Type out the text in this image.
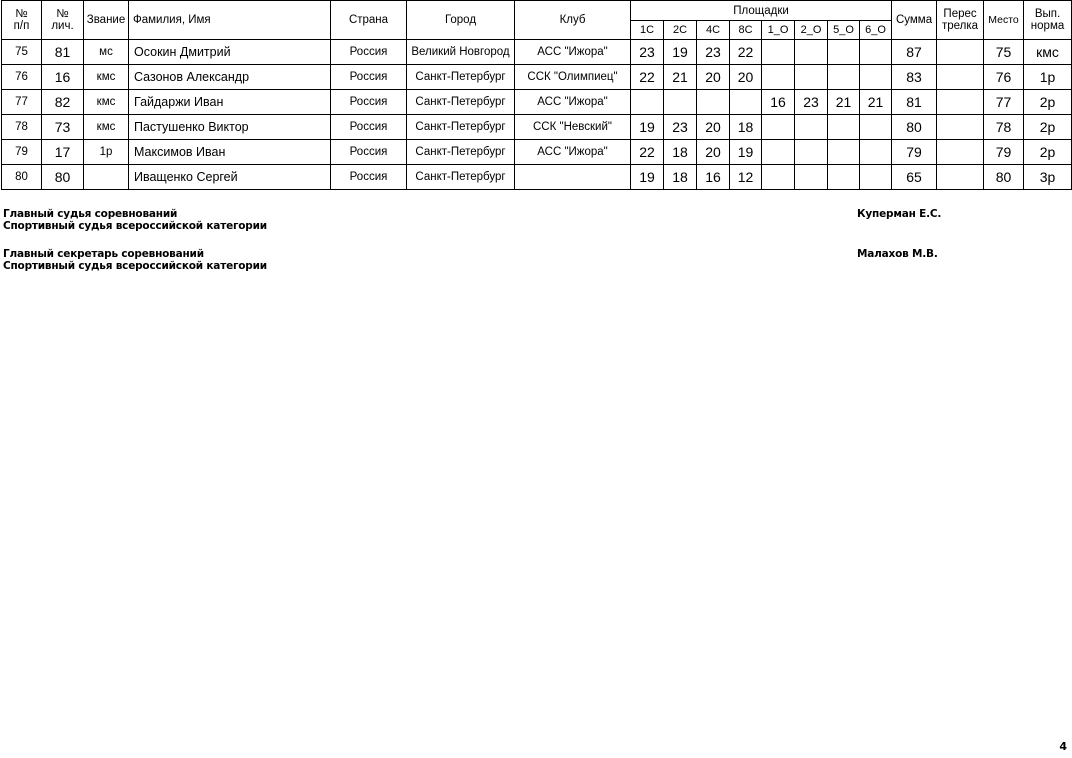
№
п/п	№
лич.	Звание	Фамилия, Имя	Страна	Город	Клуб	Площадки								Сумма	Перес
трелка	Место	Вып.
норма
							1С	2С	4С	8С	1_О	2_О	5_О	6_О				
75	81	мс	Осокин Дмитрий	Россия	Великий Новгород	АСС "Ижора"	23	19	23	22					87		75	кмс
76	16	кмс	Сазонов Александр	Россия	Санкт-Петербург	ССК "Олимпиец"	22	21	20	20					83		76	1р
77	82	кмс	Гайдаржи Иван	Россия	Санкт-Петербург	АСС "Ижора"					16	23	21	21	81		77	2р
78	73	кмс	Пастушенко Виктор	Россия	Санкт-Петербург	ССК "Невский"	19	23	20	18					80		78	2р
79	17	1р	Максимов Иван	Россия	Санкт-Петербург	АСС "Ижора"	22	18	20	19					79		79	2р
80	80		Иващенко Сергей	Россия	Санкт-Петербург		19	18	16	12					65		80	3р
Главный судья соревнований
Спортивный судья всероссийской категории
Куперман Е.С.
Главный секретарь соревнований
Спортивный судья всероссийской категории
Малахов М.В.
4
